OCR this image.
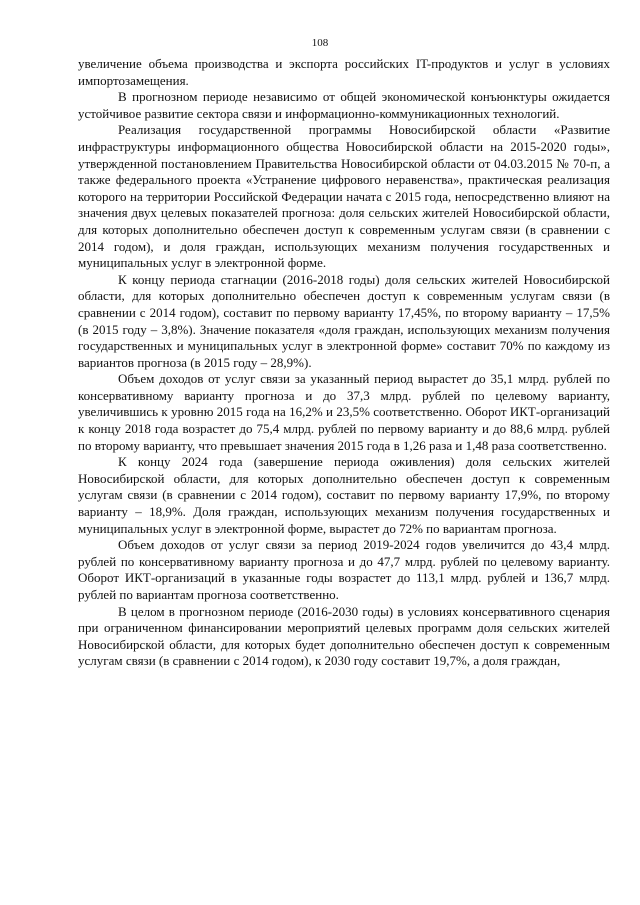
108

увеличение объема производства и экспорта российских IT-продуктов и услуг в условиях импортозамещения.

В прогнозном периоде независимо от общей экономической конъюнктуры ожидается устойчивое развитие сектора связи и информационно-коммуникационных технологий.

Реализация государственной программы Новосибирской области «Развитие инфраструктуры информационного общества Новосибирской области на 2015-2020 годы», утвержденной постановлением Правительства Новосибирской области от 04.03.2015 № 70-п, а также федерального проекта «Устранение цифрового неравенства», практическая реализация которого на территории Российской Федерации начата с 2015 года, непосредственно влияют на значения двух целевых показателей прогноза: доля сельских жителей Новосибирской области, для которых дополнительно обеспечен доступ к современным услугам связи (в сравнении с 2014 годом), и доля граждан, использующих механизм получения государственных и муниципальных услуг в электронной форме.

К концу периода стагнации (2016-2018 годы) доля сельских жителей Новосибирской области, для которых дополнительно обеспечен доступ к современным услугам связи (в сравнении с 2014 годом), составит по первому варианту 17,45%, по второму варианту – 17,5% (в 2015 году – 3,8%). Значение показателя «доля граждан, использующих механизм получения государственных и муниципальных услуг в электронной форме» составит 70% по каждому из вариантов прогноза (в 2015 году – 28,9%).

Объем доходов от услуг связи за указанный период вырастет до 35,1 млрд. рублей по консервативному варианту прогноза и до 37,3 млрд. рублей по целевому варианту, увеличившись к уровню 2015 года на 16,2% и 23,5% соответственно. Оборот ИКТ-организаций к концу 2018 года возрастет до 75,4 млрд. рублей по первому варианту и до 88,6 млрд. рублей по второму варианту, что превышает значения 2015 года в 1,26 раза и 1,48 раза соответственно.

К концу 2024 года (завершение периода оживления) доля сельских жителей Новосибирской области, для которых дополнительно обеспечен доступ к современным услугам связи (в сравнении с 2014 годом), составит по первому варианту 17,9%, по второму варианту – 18,9%. Доля граждан, использующих механизм получения государственных и муниципальных услуг в электронной форме, вырастет до 72% по вариантам прогноза.

Объем доходов от услуг связи за период 2019-2024 годов увеличится до 43,4 млрд. рублей по консервативному варианту прогноза и до 47,7 млрд. рублей по целевому варианту. Оборот ИКТ-организаций в указанные годы возрастет до 113,1 млрд. рублей и 136,7 млрд. рублей по вариантам прогноза соответственно.

В целом в прогнозном периоде (2016-2030 годы) в условиях консервативного сценария при ограниченном финансировании мероприятий целевых программ доля сельских жителей Новосибирской области, для которых будет дополнительно обеспечен доступ к современным услугам связи (в сравнении с 2014 годом), к 2030 году составит 19,7%, а доля граждан,
